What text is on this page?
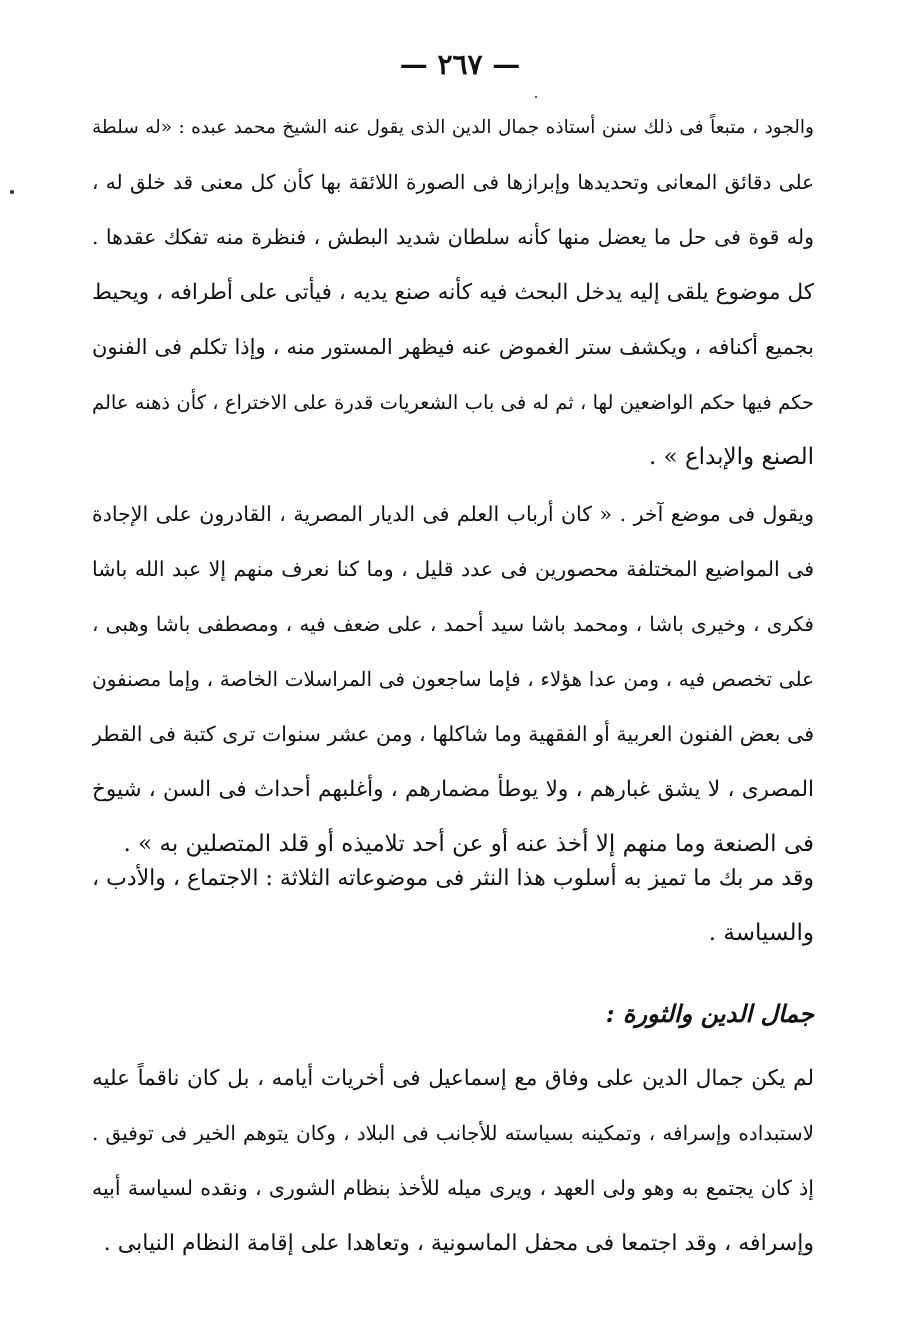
— ٢٦٧ —
والجود ، متبعاً فى ذلك سنن أستاذه جمال الدين الذى يقول عنه الشيخ محمد عبده : «له سلطة
على دقائق المعانى وتحديدها وإبرازها فى الصورة اللائقة بها كأن كل معنى قد خلق له ،
وله قوة فى حل ما يعضل منها كأنه سلطان شديد البطش ، فنظرة منه تفكك عقدها .
كل موضوع يلقى إليه يدخل البحث فيه كأنه صنع يديه ، فيأتى على أطرافه ، ويحيط
بجميع أكنافه ، ويكشف ستر الغموض عنه فيظهر المستور منه ، وإذا تكلم فى الفنون
حكم فيها حكم الواضعين لها ، ثم له فى باب الشعريات قدرة على الاختراع ، كأن ذهنه عالم
الصنع والإبداع » .
ويقول فى موضع آخر . « كان أرباب العلم فى الديار المصرية ، القادرون على الإجادة
فى المواضيع المختلفة محصورين فى عدد قليل ، وما كنا نعرف منهم إلا عبد الله باشا
فكرى ، وخيرى باشا ، ومحمد باشا سيد أحمد ، على ضعف فيه ، ومصطفى باشا وهبى ،
على تخصص فيه ، ومن عدا هؤلاء ، فإما ساجعون فى المراسلات الخاصة ، وإما مصنفون
فى بعض الفنون العربية أو الفقهية وما شاكلها ، ومن عشر سنوات ترى كتبة فى القطر
المصرى ، لا يشق غبارهم ، ولا يوطأ مضمارهم ، وأغلبهم أحداث فى السن ، شيوخ
فى الصنعة وما منهم إلا أخذ عنه أو عن أحد تلاميذه أو قلد المتصلين به » .
وقد مر بك ما تميز به أسلوب هذا النثر فى موضوعاته الثلاثة : الاجتماع ، والأدب ،
والسياسة .
جمال الدين والثورة :
لم يكن جمال الدين على وفاق مع إسماعيل فى أخريات أيامه ، بل كان ناقماً عليه
لاستبداده وإسرافه ، وتمكينه بسياسته للأجانب فى البلاد ، وكان يتوهم الخير فى توفيق .
إذ كان يجتمع به وهو ولى العهد ، ويرى ميله للأخذ بنظام الشورى ، ونقده لسياسة أبيه
وإسرافه ، وقد اجتمعا فى محفل الماسونية ، وتعاهدا على إقامة النظام النيابى .
